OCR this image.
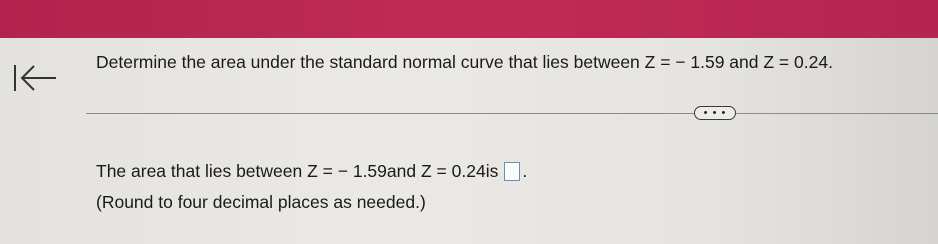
Determine the area under the standard normal curve that lies between Z = − 1.59 and Z = 0.24.
• • •
The area that lies between
Z = − 1.59 and
Z = 0.24 is .
(Round to four decimal places as needed.)
